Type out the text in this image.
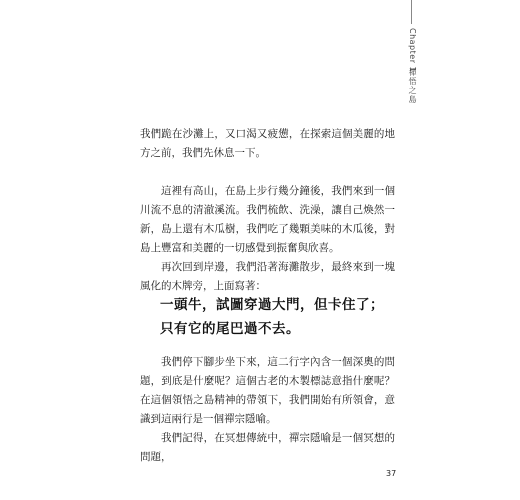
Chapter 1
禪悟之島

我們跪在沙灘上，又口渴又疲憊，在探索這個美麗的地方之前，我們先休息一下。

這裡有高山，在島上步行幾分鐘後，我們來到一個川流不息的清澈溪流。我們梳飲、洗澡，讓自己煥然一新，島上還有木瓜樹，我們吃了幾顆美味的木瓜後，對島上豐富和美麗的一切感覺到振奮與欣喜。

再次回到岸邊，我們沿著海灘散步，最終來到一塊風化的木牌旁，上面寫著：

一頭牛，試圖穿過大門，但卡住了；
只有它的尾巴過不去。

我們停下腳步坐下來，這二行字內含一個深奧的問題，到底是什麼呢？這個古老的木製標誌意指什麼呢？在這個領悟之島精神的帶領下，我們開始有所領會，意識到這兩行是一個禪宗隱喻。

我們記得，在冥想傳統中，禪宗隱喻是一個冥想的問題，

37
